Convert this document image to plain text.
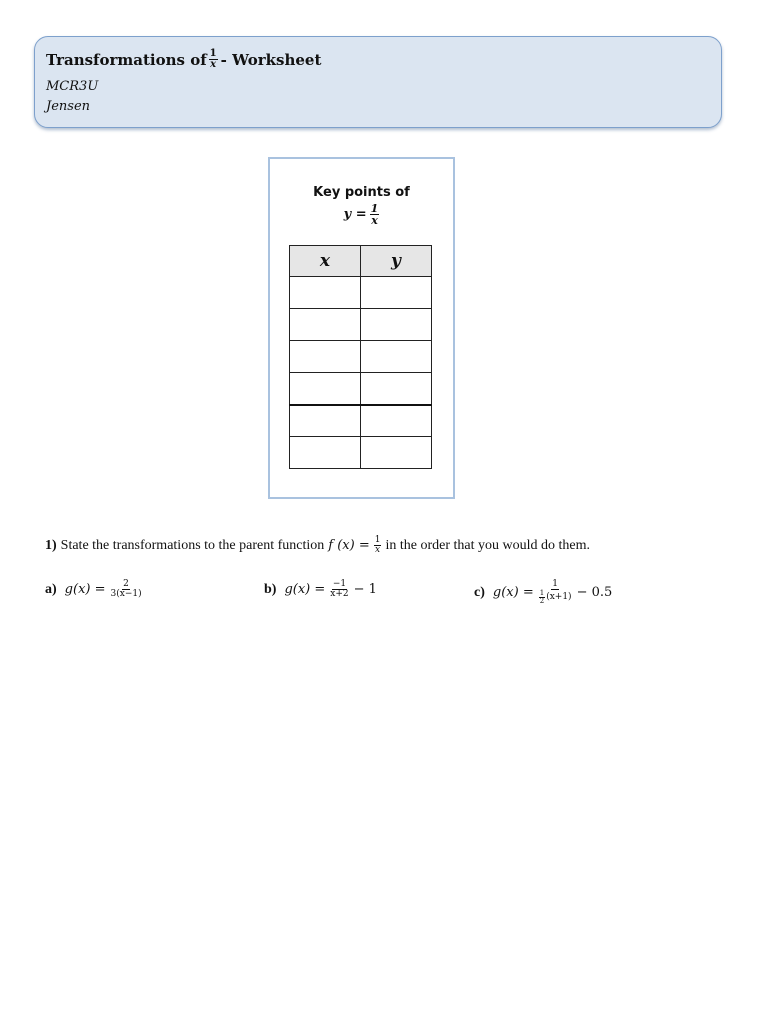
Transformations of $\frac{1}{x}$ - Worksheet
MCR3U
Jensen
Key points of
$y = \frac{1}{x}$
x	y

1) State the transformations to the parent function f $(x) = \frac{1}{x}$ in the order that you would do them.
a) $g(x) = \frac{2}{3(x-1)}$	b) $g(x) = \frac{-1}{x+2} - 1$	c) $g(x) = \frac{1}{\frac{1}{2} (x+1)} - 0.5$
